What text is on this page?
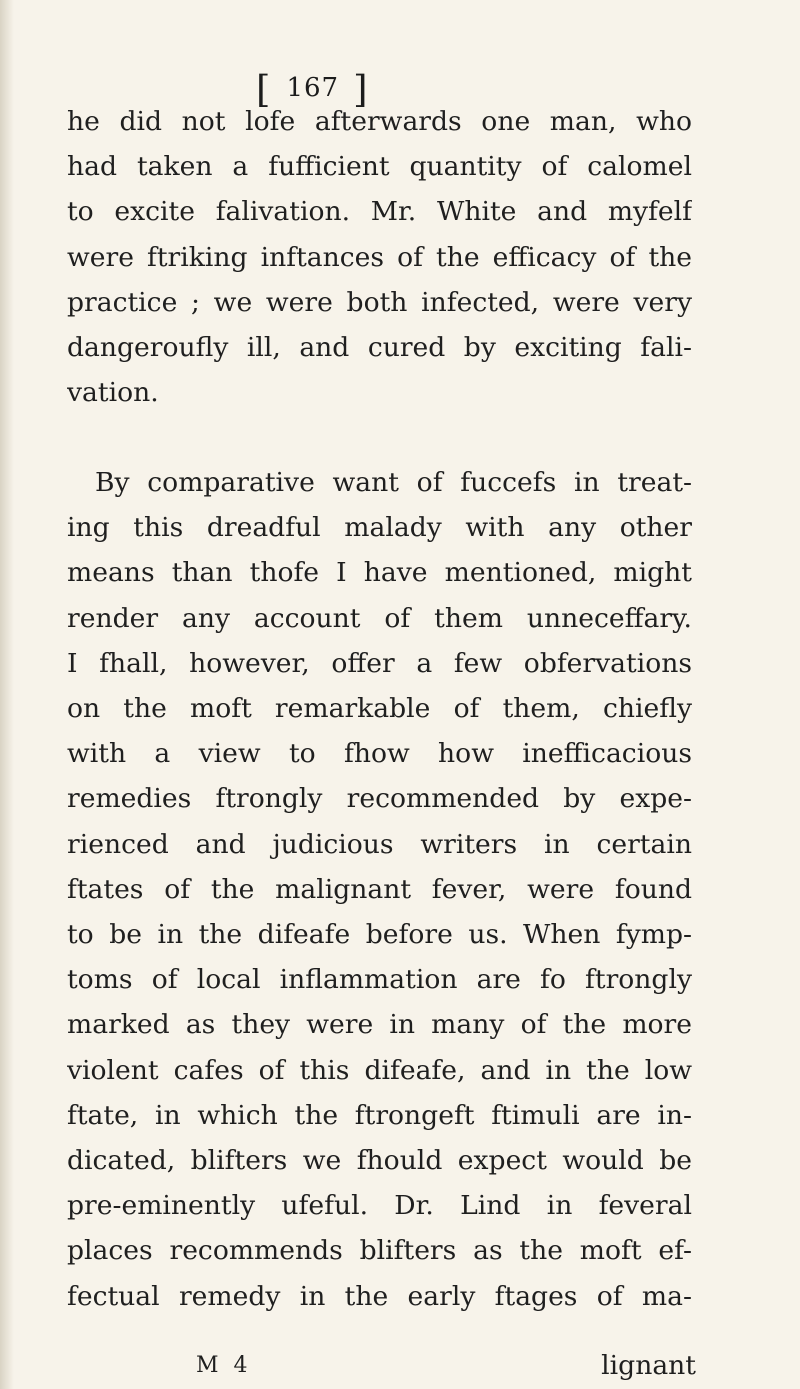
[ 167 ]
he did not lofe afterwards one man, who
had taken a fufficient quantity of calomel
to excite falivation. Mr. White and myfelf
were ftriking inftances of the efficacy of the
practice ; we were both infected, were very
dangeroufly ill, and cured by exciting fali-
vation.
By comparative want of fuccefs in treat-
ing this dreadful malady with any other
means than thofe I have mentioned, might
render any account of them unneceffary.
I fhall, however, offer a few obfervations
on the moft remarkable of them, chiefly
with a view to fhow how inefficacious
remedies ftrongly recommended by expe-
rienced and judicious writers in certain
ftates of the malignant fever, were found
to be in the difeafe before us. When fymp-
toms of local inflammation are fo ftrongly
marked as they were in many of the more
violent cafes of this difeafe, and in the low
ftate, in which the ftrongeft ftimuli are in-
dicated, blifters we fhould expect would be
pre-eminently ufeful. Dr. Lind in feveral
places recommends blifters as the moft ef-
fectual remedy in the early ftages of ma-
M 4	lignant
